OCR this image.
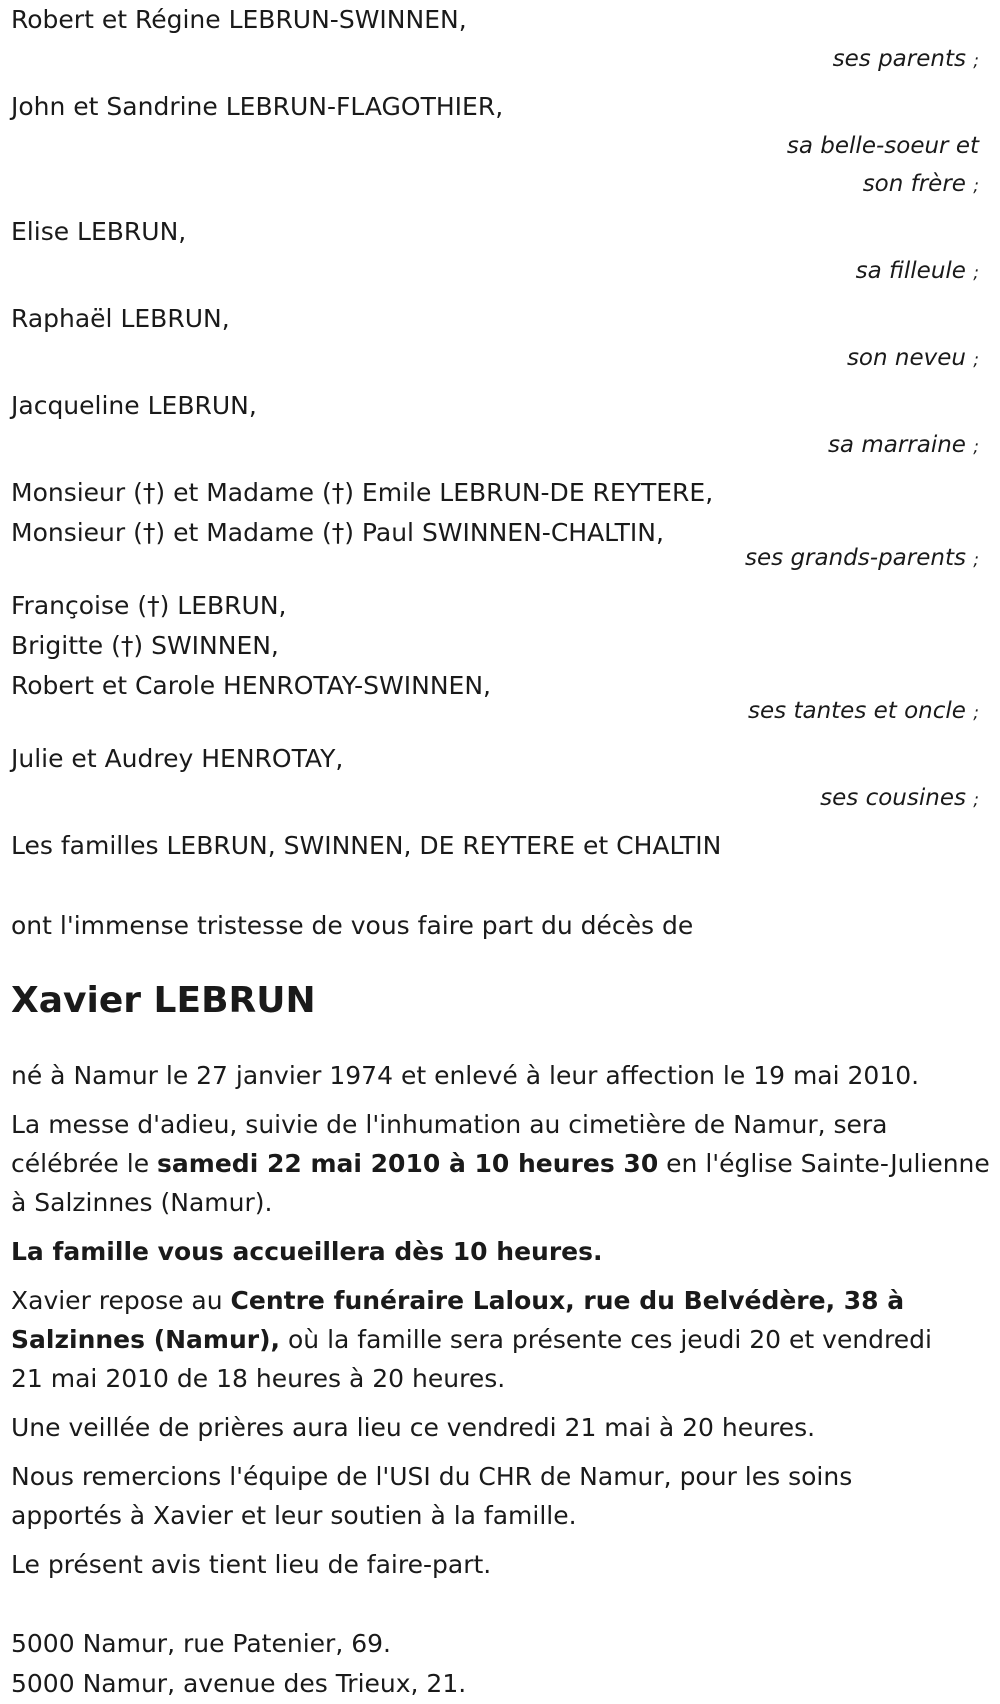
Robert et Régine LEBRUN-SWINNEN,
ses parents ;
John et Sandrine LEBRUN-FLAGOTHIER,
sa belle-soeur et
son frère ;
Elise LEBRUN,
sa filleule ;
Raphaël LEBRUN,
son neveu ;
Jacqueline LEBRUN,
sa marraine ;
Monsieur (†) et Madame (†) Emile LEBRUN-DE REYTERE,
Monsieur (†) et Madame (†) Paul SWINNEN-CHALTIN,
ses grands-parents ;
Françoise (†) LEBRUN,
Brigitte (†) SWINNEN,
Robert et Carole HENROTAY-SWINNEN,
ses tantes et oncle ;
Julie et Audrey HENROTAY,
ses cousines ;
Les familles LEBRUN, SWINNEN, DE REYTERE et CHALTIN
ont l'immense tristesse de vous faire part du décès de
Xavier LEBRUN

né à Namur le 27 janvier 1974 et enlevé à leur affection le 19 mai 2010.

La messe d'adieu, suivie de l'inhumation au cimetière de Namur, sera
célébrée le samedi 22 mai 2010 à 10 heures 30 en l'église Sainte-Julienne
à Salzinnes (Namur).

La famille vous accueillera dès 10 heures.

Xavier repose au Centre funéraire Laloux, rue du Belvédère, 38 à
Salzinnes (Namur), où la famille sera présente ces jeudi 20 et vendredi
21 mai 2010 de 18 heures à 20 heures.

Une veillée de prières aura lieu ce vendredi 21 mai à 20 heures.

Nous remercions l'équipe de l'USI du CHR de Namur, pour les soins
apportés à Xavier et leur soutien à la famille.

Le présent avis tient lieu de faire-part.

5000 Namur, rue Patenier, 69.
5000 Namur, avenue des Trieux, 21.
